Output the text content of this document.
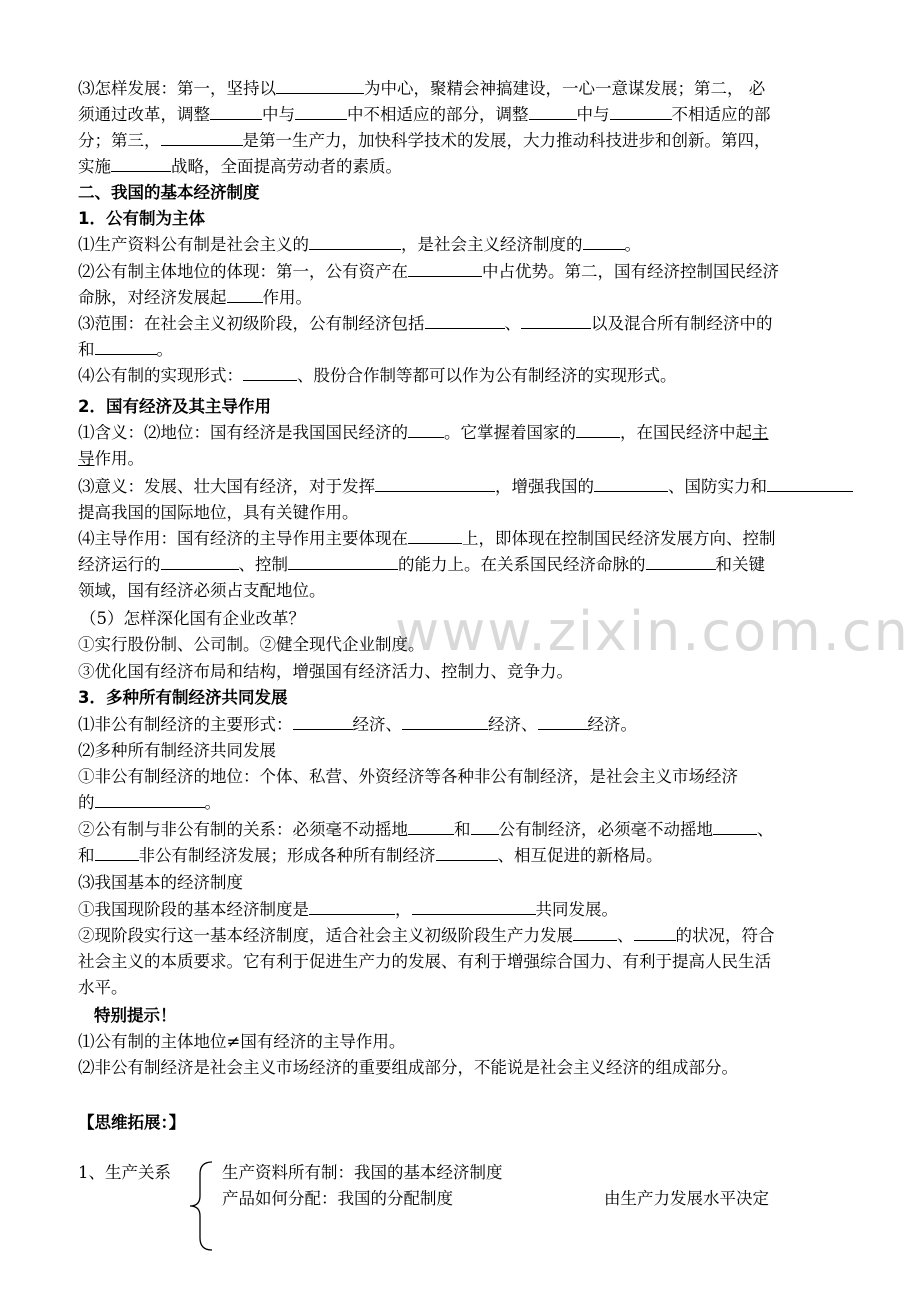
www.zixin.com.cn
⑶怎样发展：第一，坚持以	为中心，聚精会神搞建设，一心一意谋发展；第二， 必
须通过改革，调整	中与	中不相适应的部分，调整	中与	不相适应的部
分；第三，	是第一生产力，加快科学技术的发展，大力推动科技进步和创新。第四，
实施	战略，全面提高劳动者的素质。
二、我国的基本经济制度
1．公有制为主体
⑴生产资料公有制是社会主义的	，是社会主义经济制度的	。
⑵公有制主体地位的体现：第一，公有资产在	中占优势。第二，国有经济控制国民经济
命脉，对经济发展起 作用。
⑶范围：在社会主义初级阶段，公有制经济包括	、	以及混合所有制经济中的
和	。
⑷公有制的实现形式：	、股份合作制等都可以作为公有制经济的实现形式。
2．国有经济及其主导作用
⑴含义：⑵地位：国有经济是我国国民经济的 。它掌握着国家的	，在国民经济中起主
导作用。
⑶意义：发展、壮大国有经济，对于发挥	，增强我国的	、国防实力和
提高我国的国际地位，具有关键作用。
⑷主导作用：国有经济的主导作用主要体现在	上，即体现在控制国民经济发展方向、控制
经济运行的	、控制	的能力上。在关系国民经济命脉的	和关键
领域，国有经济必须占支配地位。
（5）怎样深化国有企业改革？
①实行股份制、公司制。②健全现代企业制度。
③优化国有经济布局和结构，增强国有经济活力、控制力、竞争力。
3．多种所有制经济共同发展
⑴非公有制经济的主要形式：	经济、	经济、	经济。
⑵多种所有制经济共同发展
①非公有制经济的地位：个体、私营、外资经济等各种非公有制经济，是社会主义市场经济
的	。
②公有制与非公有制的关系：必须毫不动摇地	和 公有制经济，必须毫不动摇地	、
和	非公有制经济发展；形成各种所有制经济	、相互促进的新格局。
⑶我国基本的经济制度
①我国现阶段的基本经济制度是	，	共同发展。
②现阶段实行这一基本经济制度，适合社会主义初级阶段生产力发展	、	的状况，符合
社会主义的本质要求。它有利于促进生产力的发展、有利于增强综合国力、有利于提高人民生活
水平。
特别提示！
⑴公有制的主体地位≠国有经济的主导作用。
⑵非公有制经济是社会主义市场经济的重要组成部分，不能说是社会主义经济的组成部分。
【思维拓展：】
1、生产关系	生产资料所有制：我国的基本经济制度
产品如何分配：我国的分配制度	由生产力发展水平决定
